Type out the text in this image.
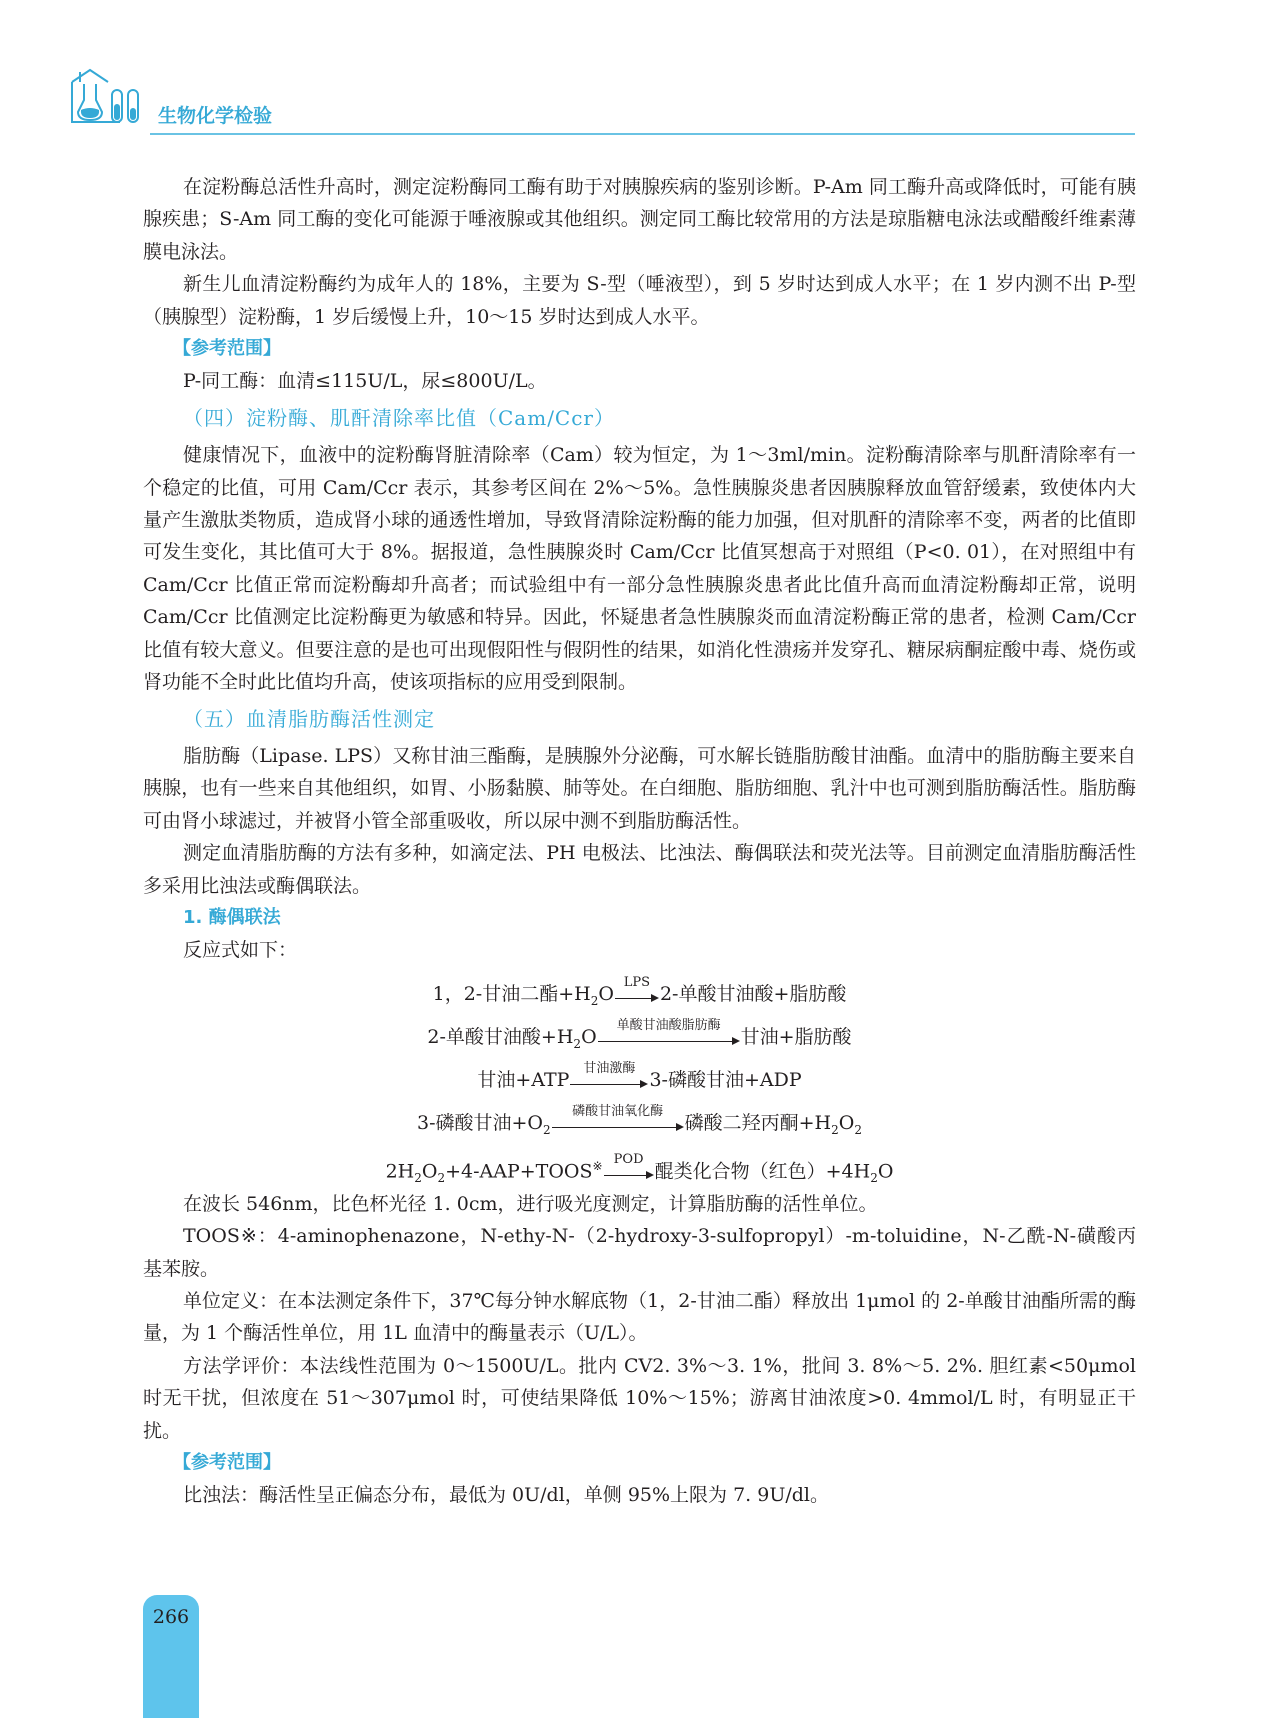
生物化学检验

在淀粉酶总活性升高时，测定淀粉酶同工酶有助于对胰腺疾病的鉴别诊断。P-Am 同工酶升高或降低时，可能有胰腺疾患；S-Am 同工酶的变化可能源于唾液腺或其他组织。测定同工酶比较常用的方法是琼脂糖电泳法或醋酸纤维素薄膜电泳法。

新生儿血清淀粉酶约为成年人的 18%，主要为 S-型（唾液型），到 5 岁时达到成人水平；在 1 岁内测不出 P-型（胰腺型）淀粉酶，1 岁后缓慢上升，10～15 岁时达到成人水平。

【参考范围】
P-同工酶：血清≤115U/L，尿≤800U/L。
（四）淀粉酶、肌酐清除率比值（Cam/Ccr）

健康情况下，血液中的淀粉酶肾脏清除率（Cam）较为恒定，为 1～3ml/min。淀粉酶清除率与肌酐清除率有一个稳定的比值，可用 Cam/Ccr 表示，其参考区间在 2%～5%。急性胰腺炎患者因胰腺释放血管舒缓素，致使体内大量产生激肽类物质，造成肾小球的通透性增加，导致肾清除淀粉酶的能力加强，但对肌酐的清除率不变，两者的比值即可发生变化，其比值可大于 8%。据报道，急性胰腺炎时 Cam/Ccr 比值冥想高于对照组（P<0. 01），在对照组中有 Cam/Ccr 比值正常而淀粉酶却升高者；而试验组中有一部分急性胰腺炎患者此比值升高而血清淀粉酶却正常，说明 Cam/Ccr 比值测定比淀粉酶更为敏感和特异。因此，怀疑患者急性胰腺炎而血清淀粉酶正常的患者，检测 Cam/Ccr 比值有较大意义。但要注意的是也可出现假阳性与假阴性的结果，如消化性溃疡并发穿孔、糖尿病酮症酸中毒、烧伤或肾功能不全时此比值均升高，使该项指标的应用受到限制。

（五）血清脂肪酶活性测定

脂肪酶（Lipase. LPS）又称甘油三酯酶，是胰腺外分泌酶，可水解长链脂肪酸甘油酯。血清中的脂肪酶主要来自胰腺，也有一些来自其他组织，如胃、小肠黏膜、肺等处。在白细胞、脂肪细胞、乳汁中也可测到脂肪酶活性。脂肪酶可由肾小球滤过，并被肾小管全部重吸收，所以尿中测不到脂肪酶活性。

测定血清脂肪酶的方法有多种，如滴定法、PH 电极法、比浊法、酶偶联法和荧光法等。目前测定血清脂肪酶活性多采用比浊法或酶偶联法。

1. 酶偶联法
反应式如下：
1，2-甘油二酯$+H_2O$
LPS
2-单酸甘油酸+脂肪酸
2-单酸甘油酸$+H_2O$
单酸甘油酸脂肪酶
甘油+脂肪酸
甘油+ATP
甘油激酶
3-磷酸甘油+ADP
3-磷酸甘油$+O_2$
磷酸甘油氧化酶
磷酸二羟丙酮$+H_2O_2$
$2H_2O_2+4-AAP+TOOS^※$ POD
醌类化合物（红色）$+4H_2O$

在波长 546nm，比色杯光径 1. 0cm，进行吸光度测定，计算脂肪酶的活性单位。

TOOS※：4-aminophenazone，N-ethy-N-（2-hydroxy-3-sulfopropyl）-m-toluidine，N-乙酰-N-磺酸丙基苯胺。

单位定义：在本法测定条件下，37℃每分钟水解底物（1，2-甘油二酯）释放出 1μmol 的 2-单酸甘油酯所需的酶量，为 1 个酶活性单位，用 1L 血清中的酶量表示（U/L）。

方法学评价：本法线性范围为 0～1500U/L。批内 CV2. 3%～3. 1%，批间 3. 8%～5. 2%. 胆红素<50μmol 时无干扰，但浓度在 51～307μmol 时，可使结果降低 10%～15%；游离甘油浓度>0. 4mmol/L 时，有明显正干扰。

【参考范围】
比浊法：酶活性呈正偏态分布，最低为 0U/dl，单侧 95%上限为 7. 9U/dl。
266
